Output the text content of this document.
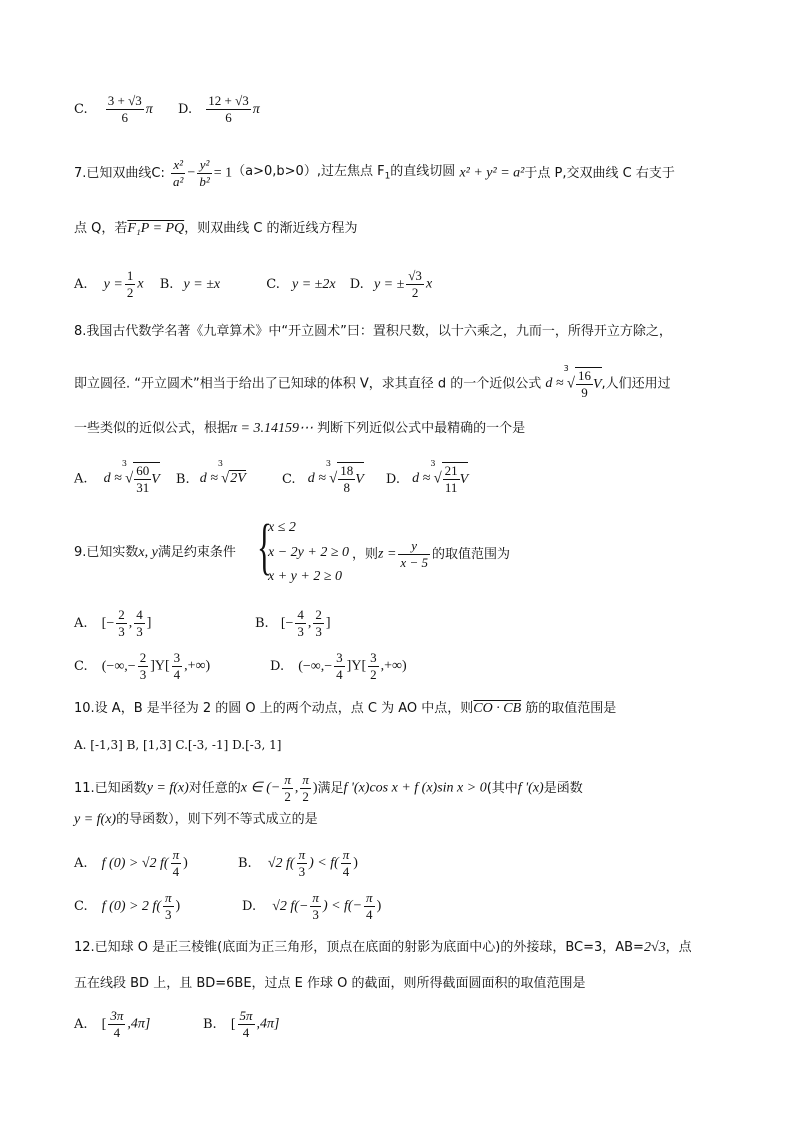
C. $\frac{3 + √3}{6}$ π D. $\frac{12 + √3}{6}$ π
7.已知双曲线C: $\frac{\text{x²}}{\text{a²}} - \frac{\text{y²}}{\text{b²}} = 1(a>0,b>0)$,过左焦点 $F_1$的直线切圆 x² + y² = a²于点 P,交双曲线 C 右支于
点 Q，若F₁P = PQ，则双曲线 C 的渐近线方程为
A. $y = \frac{1}{2}$ x B. y = ±x	C. y = ±2x D. y = ± $\frac{√3}{2}$ x
8.我国古代数学名著《九章算术》中“开立圆术”曰：置积尺数，以十六乘之，九而一，所得开立方除之，
即立圆径. “开立圆术”相当于给出了已知球的体积 V，求其直径 d 的一个近似公式 $d \approx^3√ \frac{16}{9} V$,人们还用过
一些类似的近似公式，根据π = 3.14159⋯ 判断下列近似公式中最精确的一个是
A. $d \approx^3√ \frac{60}{31}$ V B. d ≈$^3$√2V	C. $d \approx^3√ \frac{18}{8}$ V D. $d \approx^3√ \frac{21}{11}$ V
9.已知实数x, y满足约束条件 {
x ≤ 2
x − 2y + 2 ≥ 0
x + y + 2 ≥ 0
，则$z = \frac{y}{x - 5}$ 的取值范围为
A. [− $\frac{2}{3}$ , $\frac{4}{3}$ ]	B. [− $\frac{4}{3}$ , $\frac{2}{3}$ ]
C. (−∞,− $\frac{2}{3} ]Y[ \frac{3}{4}$ ,+∞)	D. (−∞,− $\frac{3}{4} ]Y[ \frac{3}{2}$ ,+∞)
10.设 A，B 是半径为 2 的圆 O 上的两个动点，点 C 为 AO 中点，则CO · CB 筋的取值范围是
A. [-1,3] B, [1,3] C.[-3, -1] D.[-3, 1]
11.已知函数y = f(x)对任意的x ∈ (− $\frac{\pi}{2}$ , $\frac{\pi}{2}$ )满足f '(x)cos x + f (x)sin x > 0(其中f '(x)是函数
y = f(x)的导函数），则下列不等式成立的是
A. f (0) > √2 $f( \frac{\pi}{4}$ )	B. √2 $f( \frac{\pi}{3}$ ) < $f( \frac{\pi}{4}$ )
C. f (0) > 2 $f( \frac{\pi}{3}$ )	D. √2 $f(- \frac{\pi}{3}$ ) < $f(- \frac{\pi}{4}$ )
12.已知球 O 是正三棱锥(底面为正三角形，顶点在底面的射影为底面中心)的外接球，BC=3，AB=2√3，点
五在线段 BD 上，且 BD=6BE，过点 E 作球 O 的截面，则所得截面圆面积的取值范围是
A. [ $\frac{3\pi}{4} ,4\pi$]	B. [ $\frac{5\pi}{4} ,4\pi$]
